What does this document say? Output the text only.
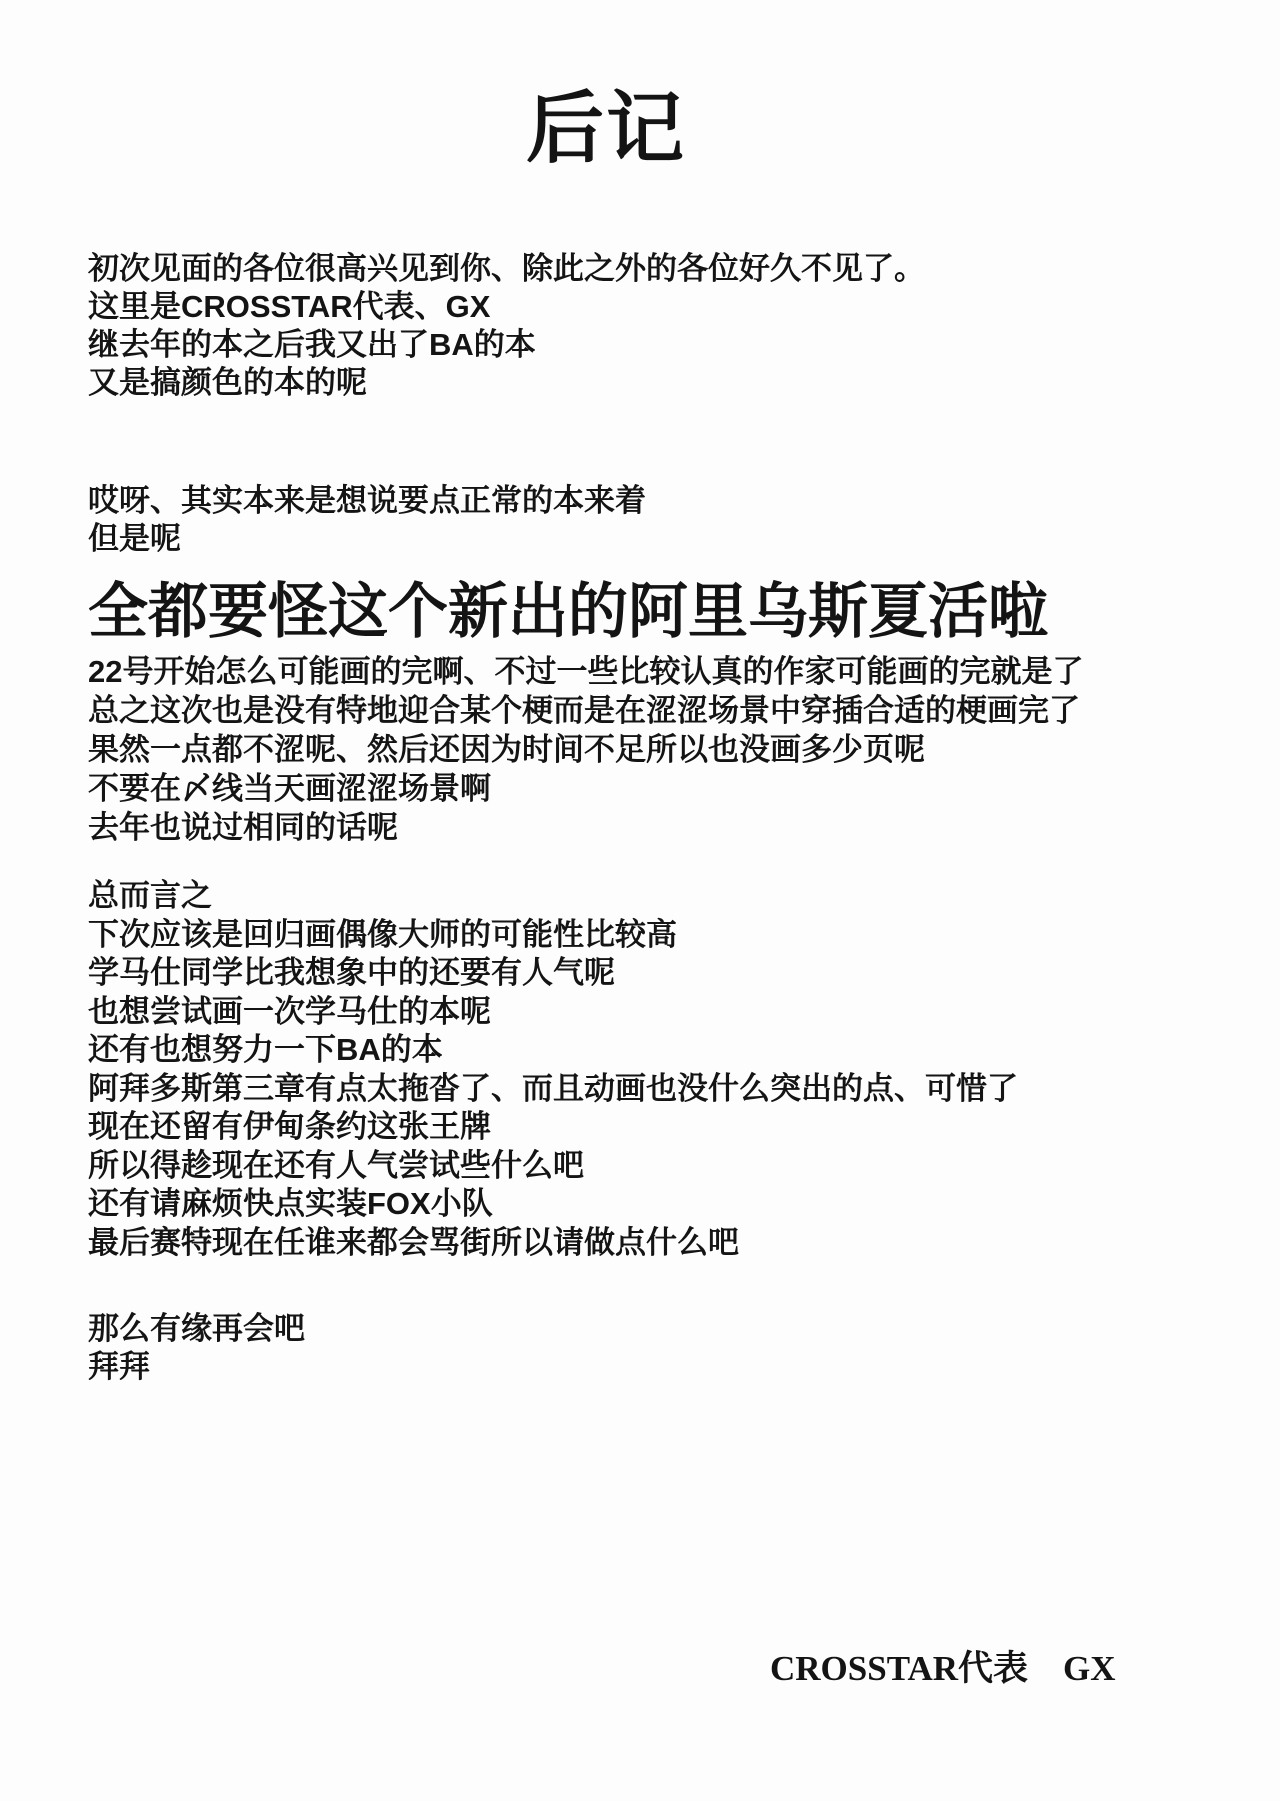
后记
初次见面的各位很高兴见到你、除此之外的各位好久不见了。
这里是CROSSTAR代表、GX
继去年的本之后我又出了BA的本
又是搞颜色的本的呢
哎呀、其实本来是想说要点正常的本来着
但是呢
全都要怪这个新出的阿里乌斯夏活啦
22号开始怎么可能画的完啊、不过一些比较认真的作家可能画的完就是了
总之这次也是没有特地迎合某个梗而是在涩涩场景中穿插合适的梗画完了
果然一点都不涩呢、然后还因为时间不足所以也没画多少页呢
不要在〆线当天画涩涩场景啊
去年也说过相同的话呢
总而言之
下次应该是回归画偶像大师的可能性比较高
学马仕同学比我想象中的还要有人气呢
也想尝试画一次学马仕的本呢
还有也想努力一下BA的本
阿拜多斯第三章有点太拖沓了、而且动画也没什么突出的点、可惜了
现在还留有伊甸条约这张王牌
所以得趁现在还有人气尝试些什么吧
还有请麻烦快点实装FOX小队
最后赛特现在任谁来都会骂街所以请做点什么吧
那么有缘再会吧
拜拜
CROSSTAR代表　GX
